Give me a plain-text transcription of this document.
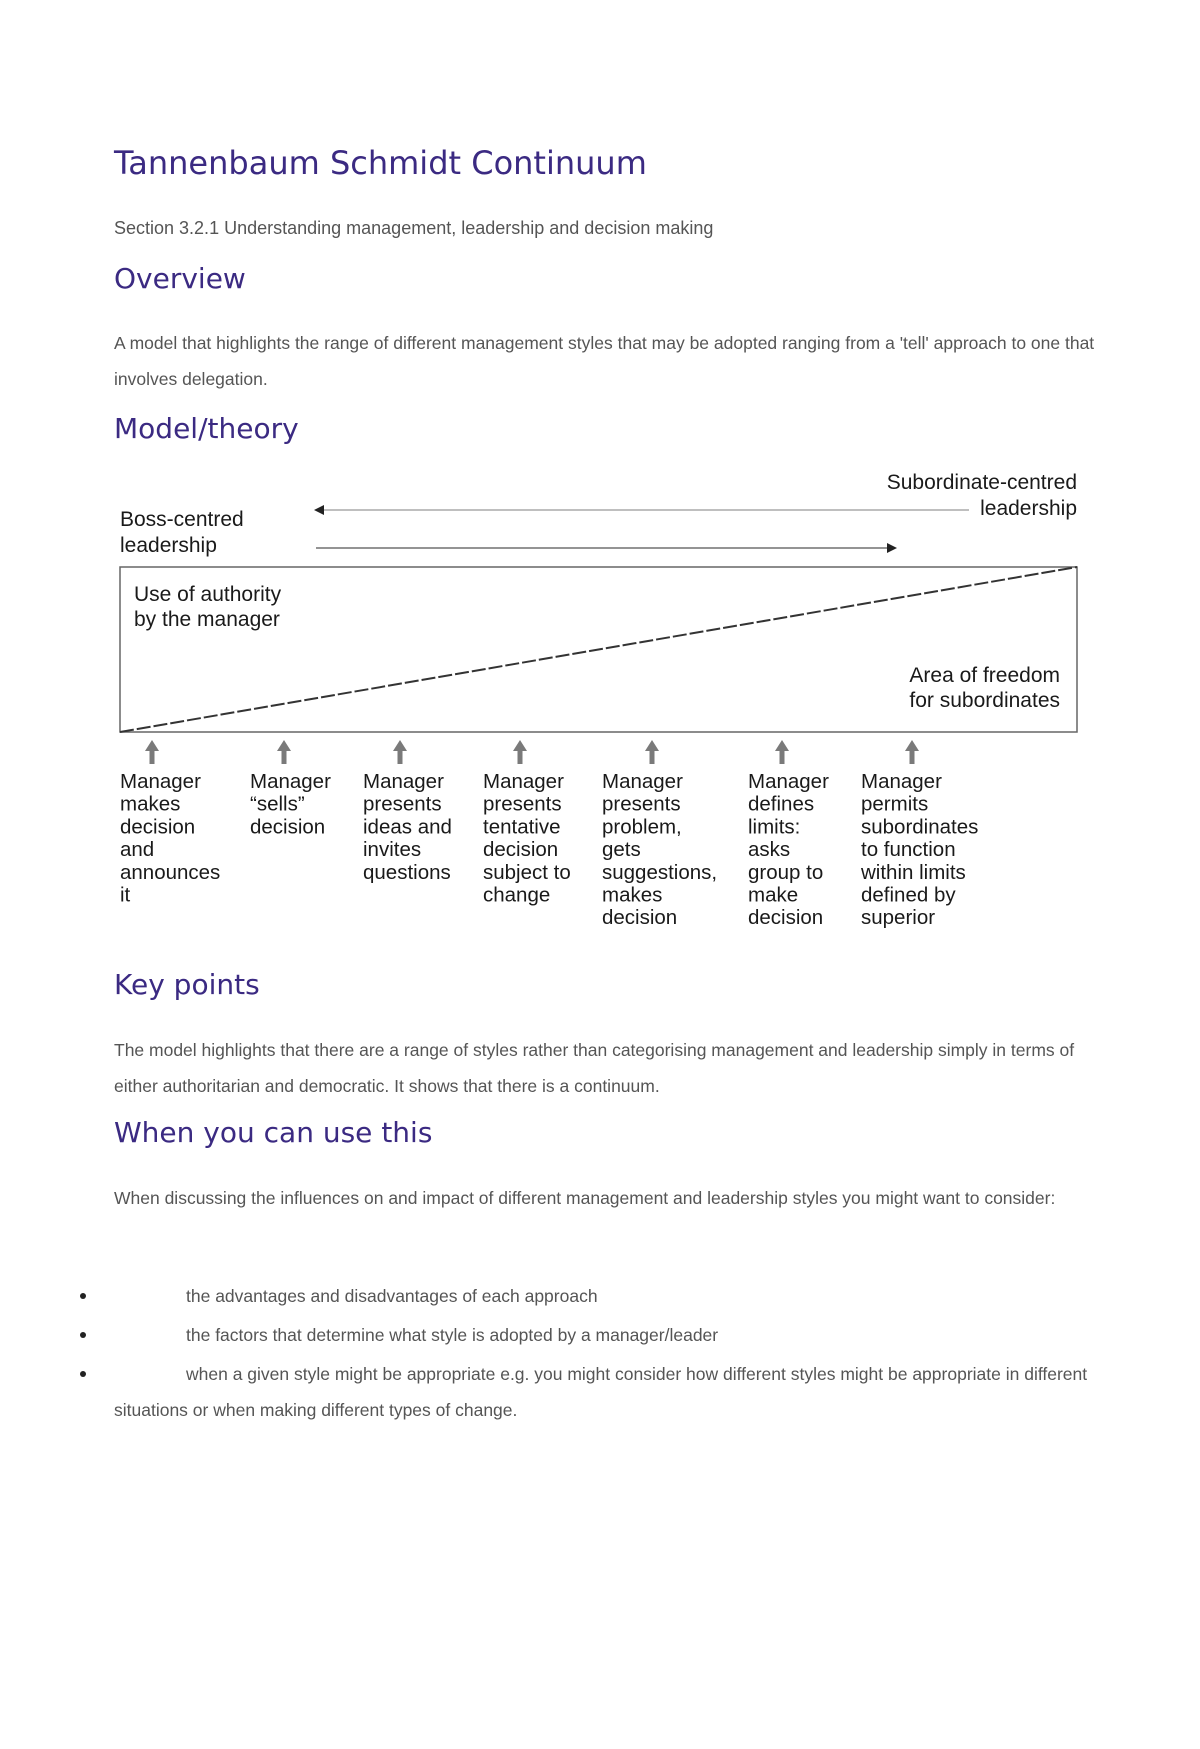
Tannenbaum Schmidt Continuum

Section 3.2.1 Understanding management, leadership and decision making

Overview

A model that highlights the range of different management styles that may be adopted ranging from a 'tell' approach to one that involves delegation.

Model/theory
Boss-centred
leadership
Subordinate-centred
leadership
Use of authority
by the manager
Area of freedom
for subordinates
Manager
makes
decision
and
announces
it
Manager
“sells”
decision
Manager
presents
ideas and
invites
questions
Manager
presents
tentative
decision
subject to
change
Manager
presents
problem,
gets
suggestions,
makes
decision
Manager
defines
limits:
asks
group to
make
decision
Manager
permits
subordinates
to function
within limits
defined by
superior
Key points

The model highlights that there are a range of styles rather than categorising management and leadership simply in terms of either authoritarian and democratic. It shows that there is a continuum.

When you can use this

When discussing the influences on and impact of different management and leadership styles you might want to consider:

the advantages and disadvantages of each approach
the factors that determine what style is adopted by a manager/leader
when a given style might be appropriate e.g. you might consider how different styles might be appropriate in different situations or when making different types of change.
